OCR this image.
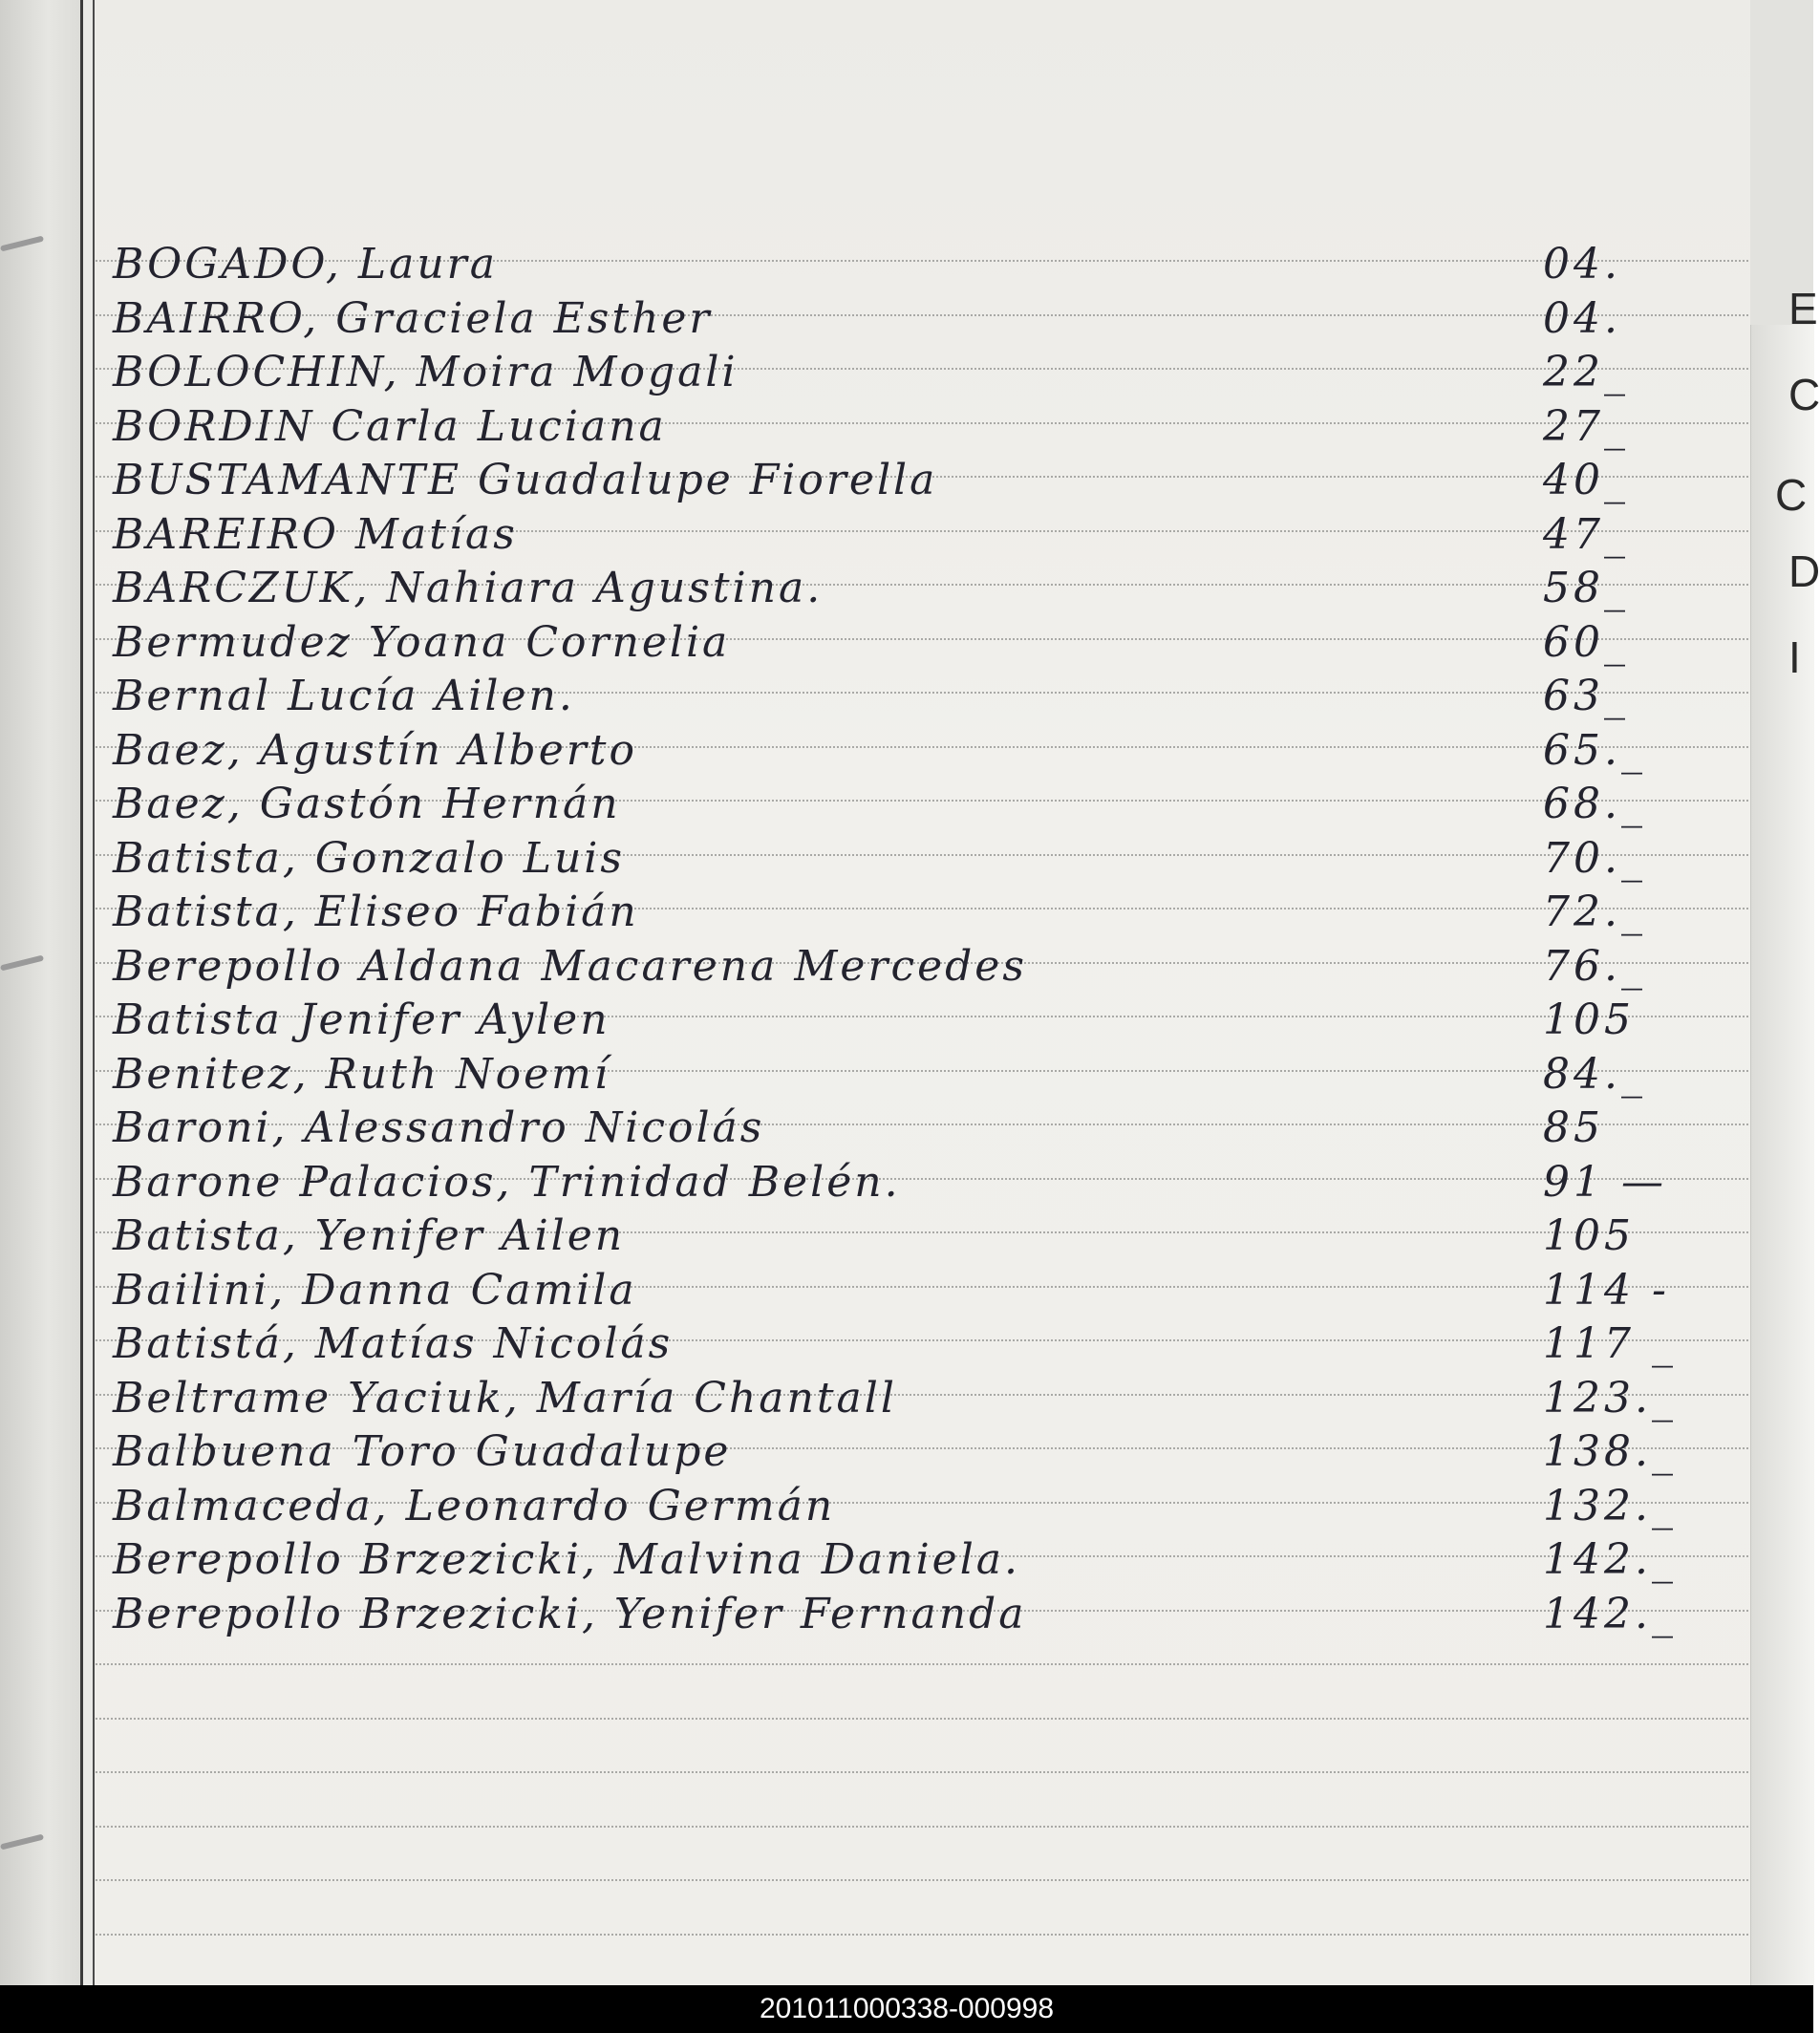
E
C
C
D
I
BOGADO, Laura	04.
BAIRRO, Graciela Esther	04.
BOLOCHIN, Moira Mogali	22_
BORDIN Carla Luciana	27_
BUSTAMANTE Guadalupe Fiorella	40_
BAREIRO Matías	47_
BARCZUK, Nahiara Agustina.	58_
Bermudez Yoana Cornelia	60_
Bernal Lucía Ailen.	63_
Baez, Agustín Alberto	65._
Baez, Gastón Hernán	68._
Batista, Gonzalo Luis	70._
Batista, Eliseo Fabián	72._
Berepollo Aldana Macarena Mercedes	76._
Batista Jenifer Aylen	105
Benitez, Ruth Noemí	84._
Baroni, Alessandro Nicolás	85
Barone Palacios, Trinidad Belén.	91 —
Batista, Yenifer Ailen	105
Bailini, Danna Camila	114 -
Batistá, Matías Nicolás	117 _
Beltrame Yaciuk, María Chantall	123._
Balbuena Toro Guadalupe	138._
Balmaceda, Leonardo Germán	132._
Berepollo Brzezicki, Malvina Daniela.	142._
Berepollo Brzezicki, Yenifer Fernanda	142._
201011000338-000998
